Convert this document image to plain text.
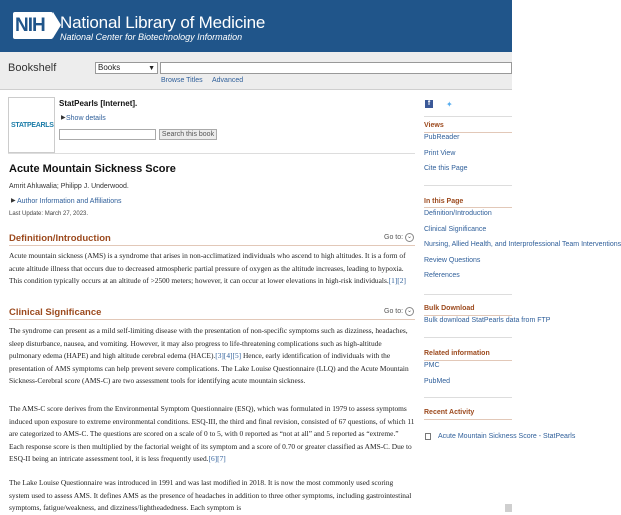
NIH National Library of Medicine
National Center for Biotechnology Information
Bookshelf	Books	▼
Browse Titles Advanced
STATPEARLS
StatPearls [Internet].
▶ Show details
Search this book
Acute Mountain Sickness Score
Amrit Ahluwalia; Philipp J. Underwood.
▶ Author Information and Affiliations
Last Update: March 27, 2023.
Definition/Introduction	Go to: ⌄
Acute mountain sickness (AMS) is a syndrome that arises in non-acclimatized individuals who ascend to high altitudes. It is a form of acute altitude illness that occurs due to decreased atmospheric partial pressure of oxygen as the altitude increases, leading to hypoxia. This condition typically occurs at an altitude of >2500 meters; however, it can occur at lower elevations in high-risk individuals.[1][2]
Clinical Significance	Go to: ⌄
The syndrome can present as a mild self-limiting disease with the presentation of non-specific symptoms such as dizziness, headaches, sleep disturbance, nausea, and vomiting. However, it may also progress to life-threatening complications such as high-altitude pulmonary edema (HAPE) and high altitude cerebral edema (HACE).[3][4][5] Hence, early identification of individuals with the presentation of AMS symptoms can help prevent severe complications. The Lake Louise Questionnaire (LLQ) and the Acute Mountain Sickness-Cerebral score (AMS-C) are two assessment tools for identifying acute mountain sickness.
The AMS-C score derives from the Environmental Symptom Questionnaire (ESQ), which was formulated in 1979 to assess symptoms induced upon exposure to extreme environmental conditions. ESQ-III, the third and final revision, consisted of 67 questions, of which 11 are categorized to AMS-C. The questions are scored on a scale of 0 to 5, with 0 reported as “not at all” and 5 reported as “extreme.” Each response score is then multiplied by the factorial weight of its symptom and a score of 0.70 or greater classified as AMS-C. Due to ESQ-II being an intricate assessment tool, it is less frequently used.[6][7]
The Lake Louise Questionnaire was introduced in 1991 and was last modified in 2018. It is now the most commonly used scoring system used to assess AMS. It defines AMS as the presence of headaches in addition to three other symptoms, including gastrointestinal symptoms, fatigue/weakness, and dizziness/lightheadedness. Each symptom is
f	✦
Views
PubReader
Print View
Cite this Page
In this Page
Definition/Introduction
Clinical Significance
Nursing, Allied Health, and Interprofessional Team Interventions
Review Questions
References
Bulk Download
Bulk download StatPearls data from FTP
Related information
PMC
PubMed
Recent Activity
Acute Mountain Sickness Score - StatPearls
